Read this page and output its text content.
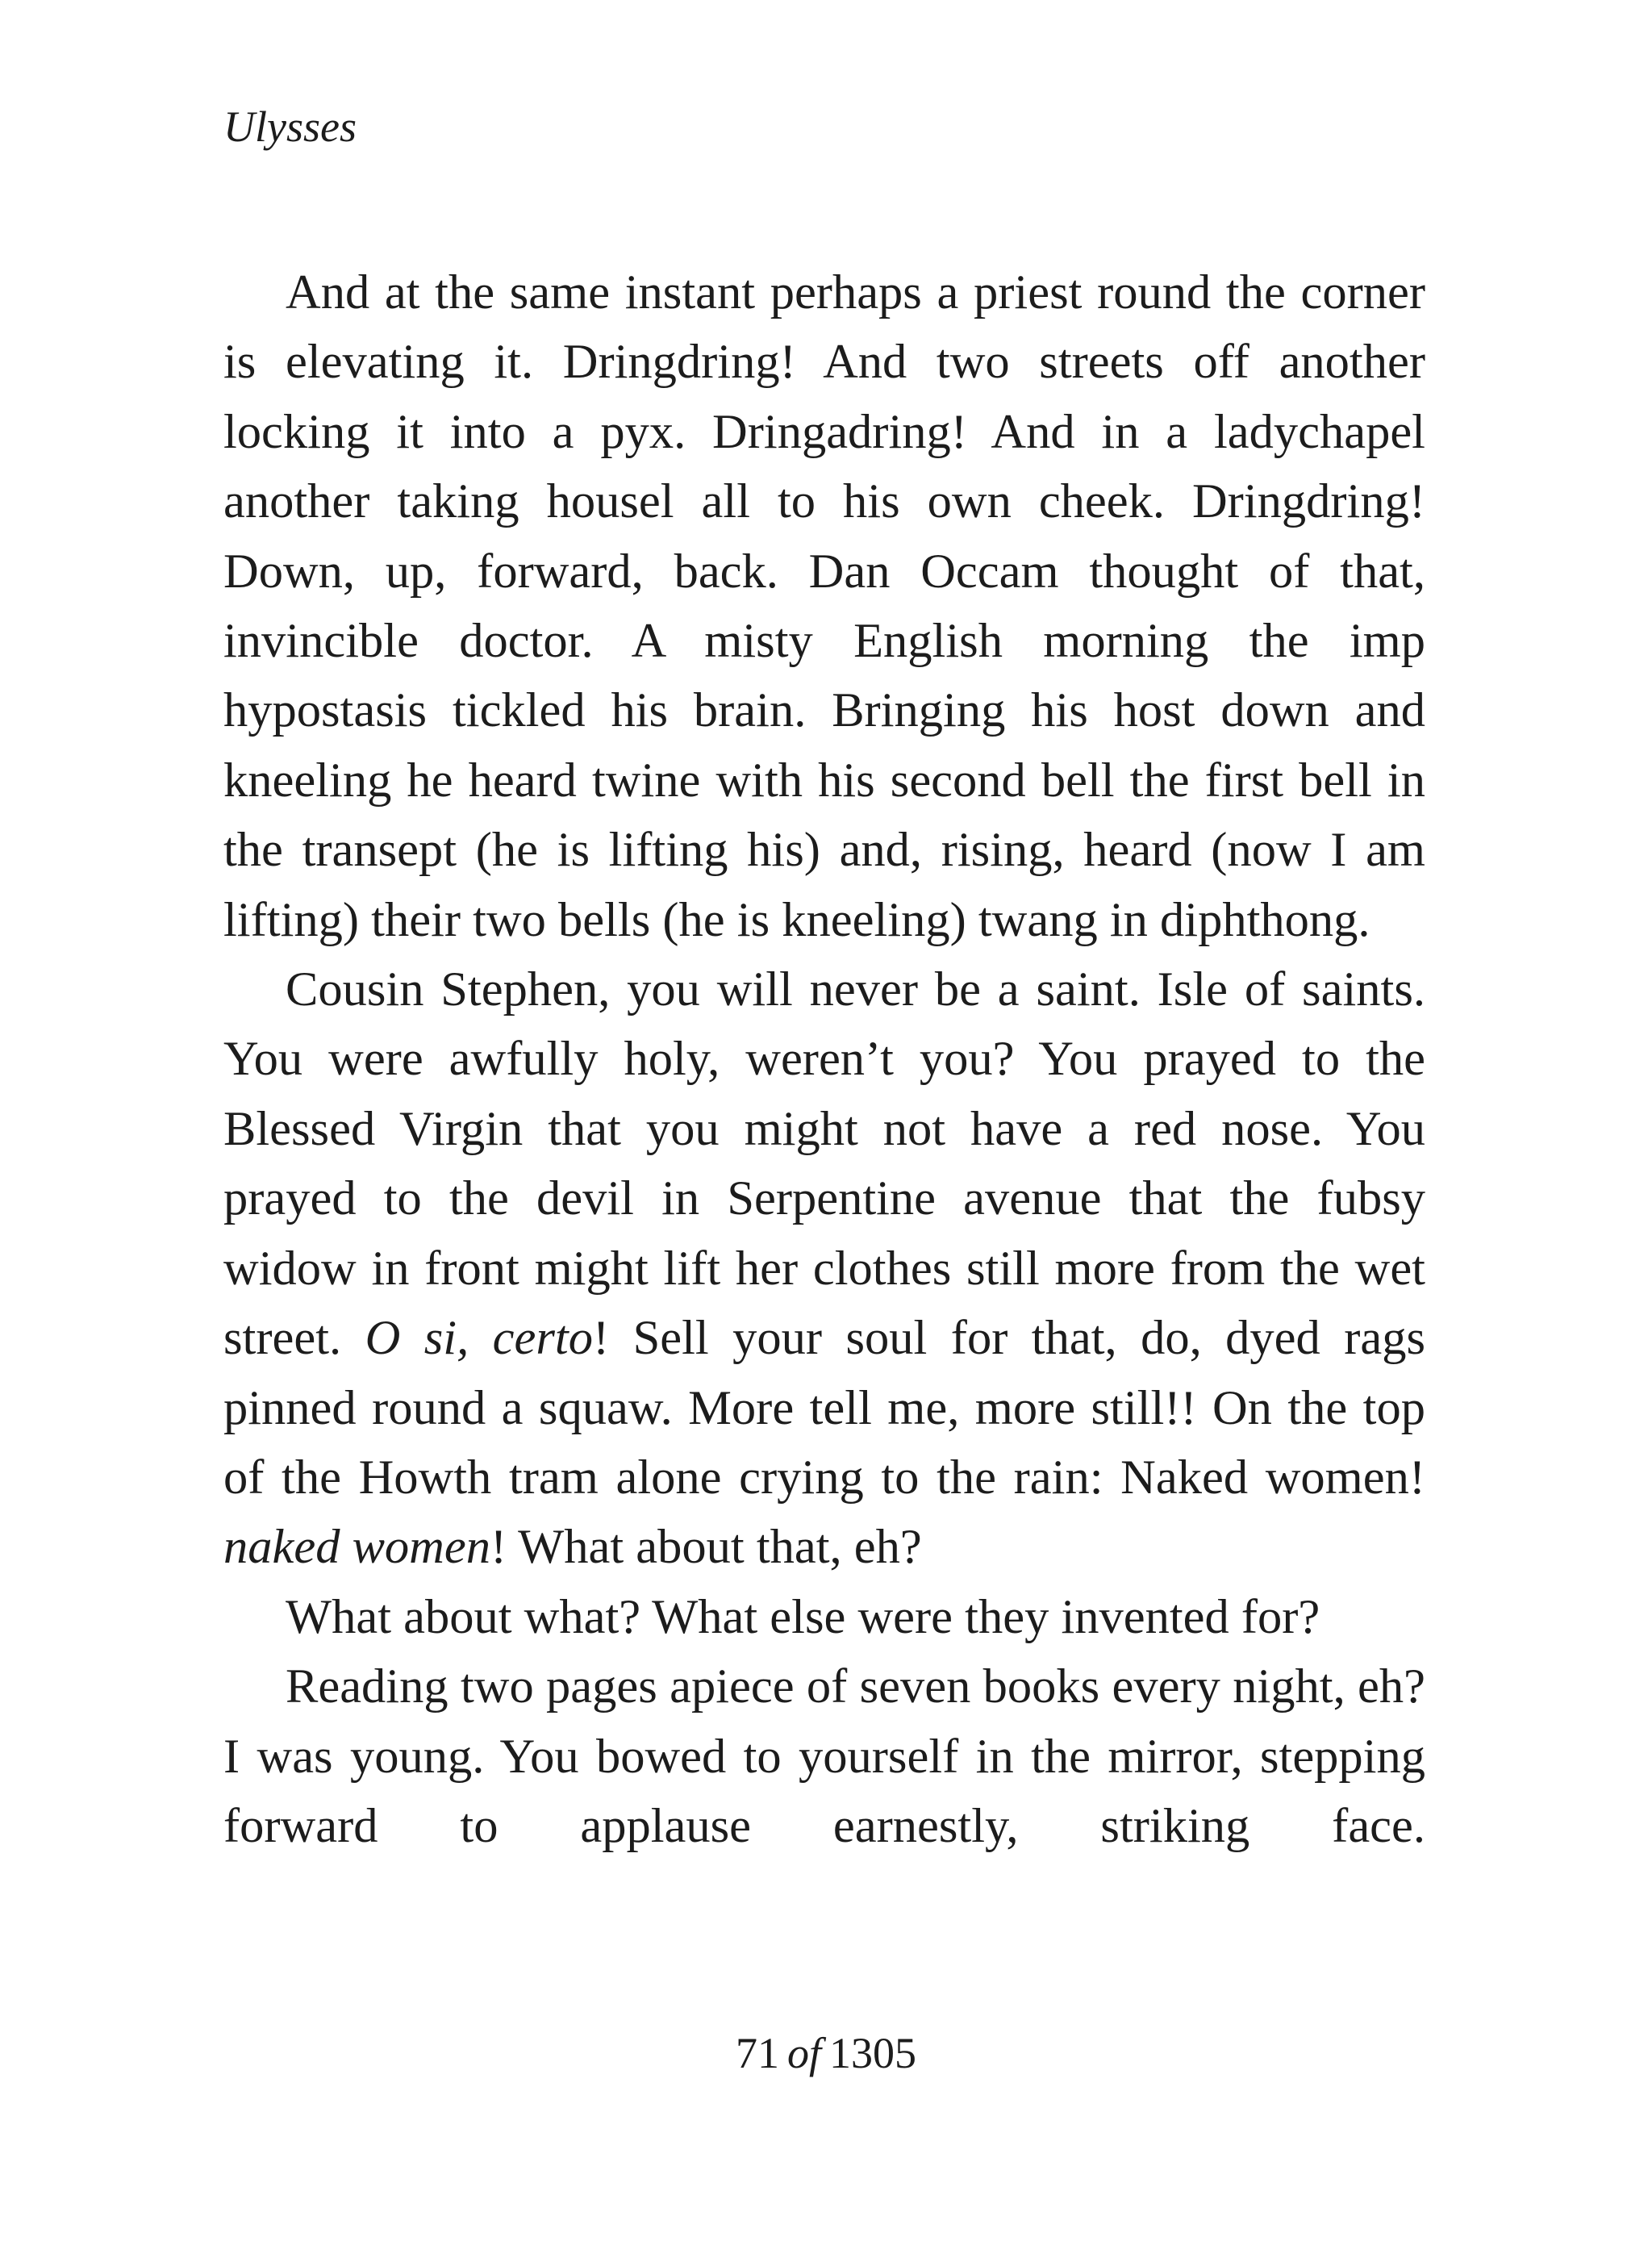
Ulysses

And at the same instant perhaps a priest round the corner is elevating it. Dringdring! And two streets off another locking it into a pyx. Dringadring! And in a ladychapel another taking housel all to his own cheek. Dringdring! Down, up, forward, back. Dan Occam thought of that, invincible doctor. A misty English morning the imp hypostasis tickled his brain. Bringing his host down and kneeling he heard twine with his second bell the first bell in the transept (he is lifting his) and, rising, heard (now I am lifting) their two bells (he is kneeling) twang in diphthong.

Cousin Stephen, you will never be a saint. Isle of saints. You were awfully holy, weren’t you? You prayed to the Blessed Virgin that you might not have a red nose. You prayed to the devil in Serpentine avenue that the fubsy widow in front might lift her clothes still more from the wet street. O si, certo! Sell your soul for that, do, dyed rags pinned round a squaw. More tell me, more still!! On the top of the Howth tram alone crying to the rain: Naked women! naked women! What about that, eh?

What about what? What else were they invented for?

Reading two pages apiece of seven books every night, eh? I was young. You bowed to yourself in the mirror, stepping forward to applause earnestly, striking face.

71 of 1305
